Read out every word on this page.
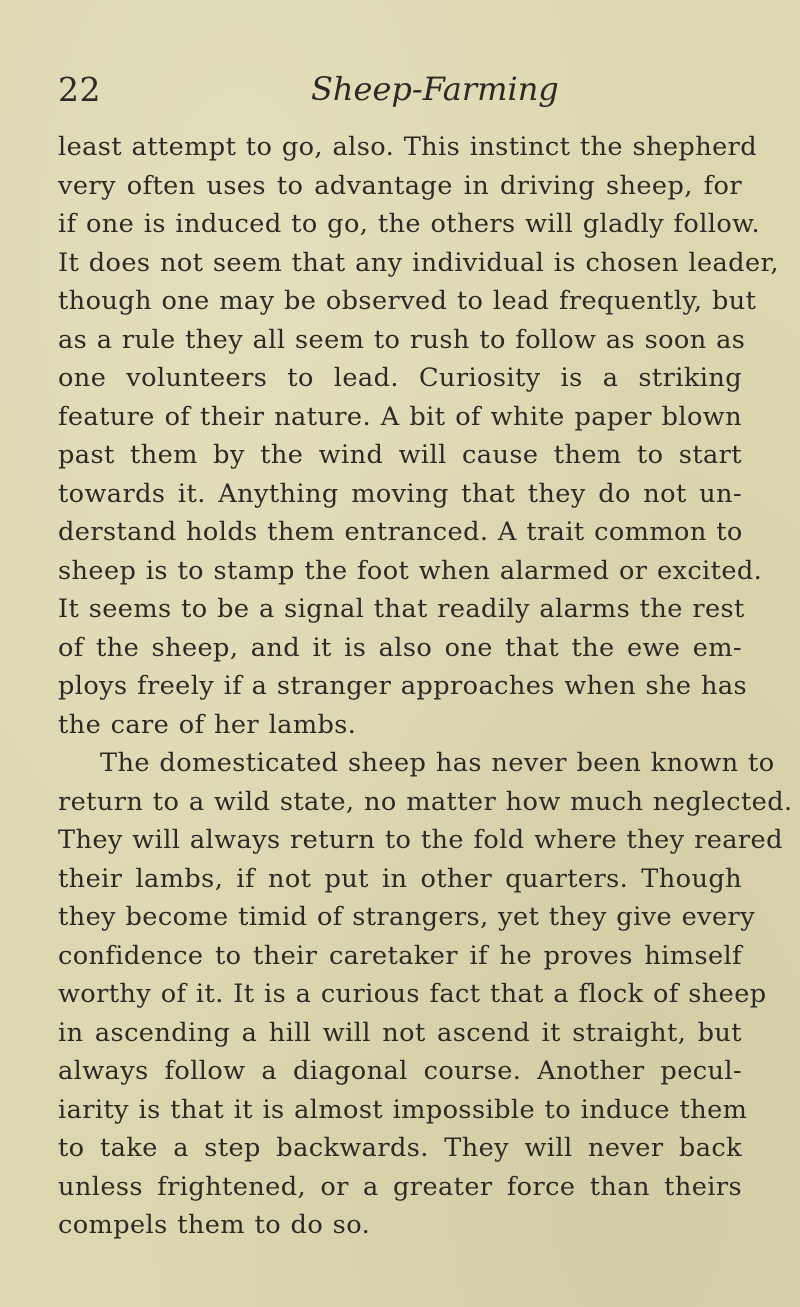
22	Sheep-Farming

least attempt to go, also. This instinct the shepherd
very often uses to advantage in driving sheep, for
if one is induced to go, the others will gladly follow.
It does not seem that any individual is chosen leader,
though one may be observed to lead frequently, but
as a rule they all seem to rush to follow as soon as
one volunteers to lead. Curiosity is a striking
feature of their nature. A bit of white paper blown
past them by the wind will cause them to start
towards it. Anything moving that they do not un-
derstand holds them entranced. A trait common to
sheep is to stamp the foot when alarmed or excited.
It seems to be a signal that readily alarms the rest
of the sheep, and it is also one that the ewe em-
ploys freely if a stranger approaches when she has
the care of her lambs.

The domesticated sheep has never been known to
return to a wild state, no matter how much neglected.
They will always return to the fold where they reared
their lambs, if not put in other quarters. Though
they become timid of strangers, yet they give every
confidence to their caretaker if he proves himself
worthy of it. It is a curious fact that a flock of sheep
in ascending a hill will not ascend it straight, but
always follow a diagonal course. Another pecul-
iarity is that it is almost impossible to induce them
to take a step backwards. They will never back
unless frightened, or a greater force than theirs
compels them to do so.
